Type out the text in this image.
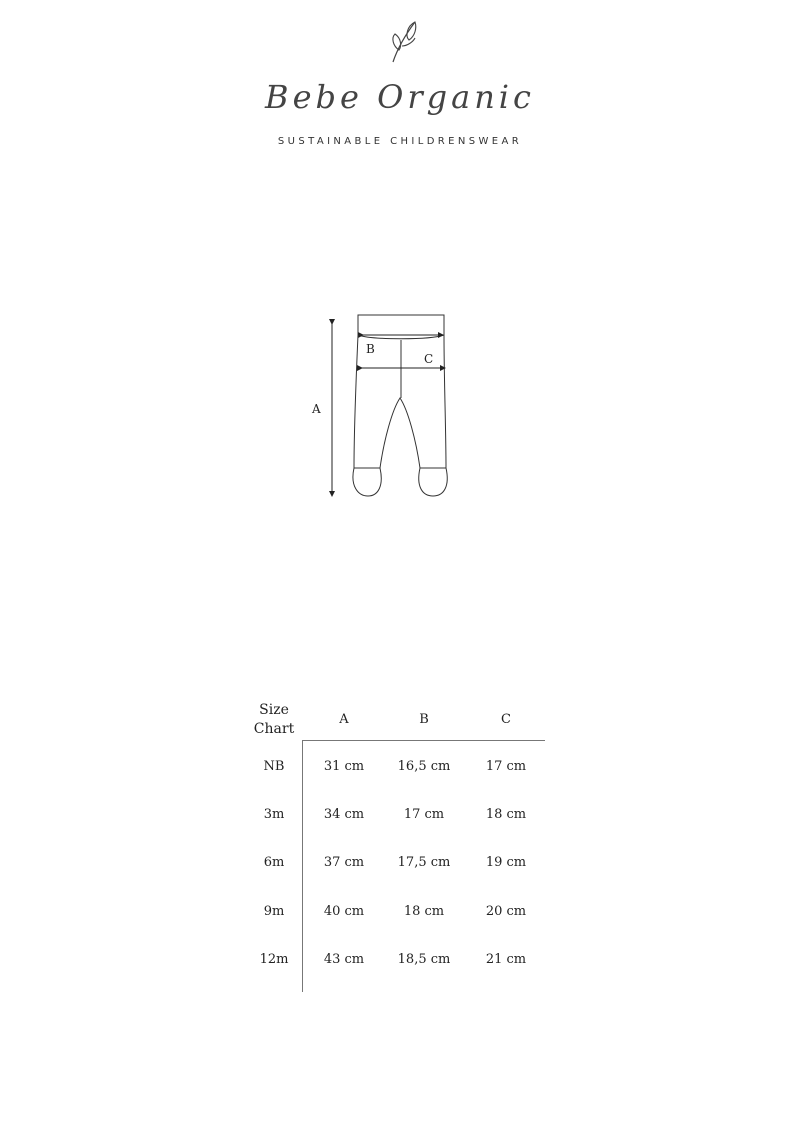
Bebe Organic
SUSTAINABLE CHILDRENSWEAR
A
B
C
Size
Chart
A	B	C
NB	31 cm	16,5 cm	17 cm
3m	34 cm	17 cm	18 cm
6m	37 cm	17,5 cm	19 cm
9m	40 cm	18 cm	20 cm
12m	43 cm	18,5 cm	21 cm
